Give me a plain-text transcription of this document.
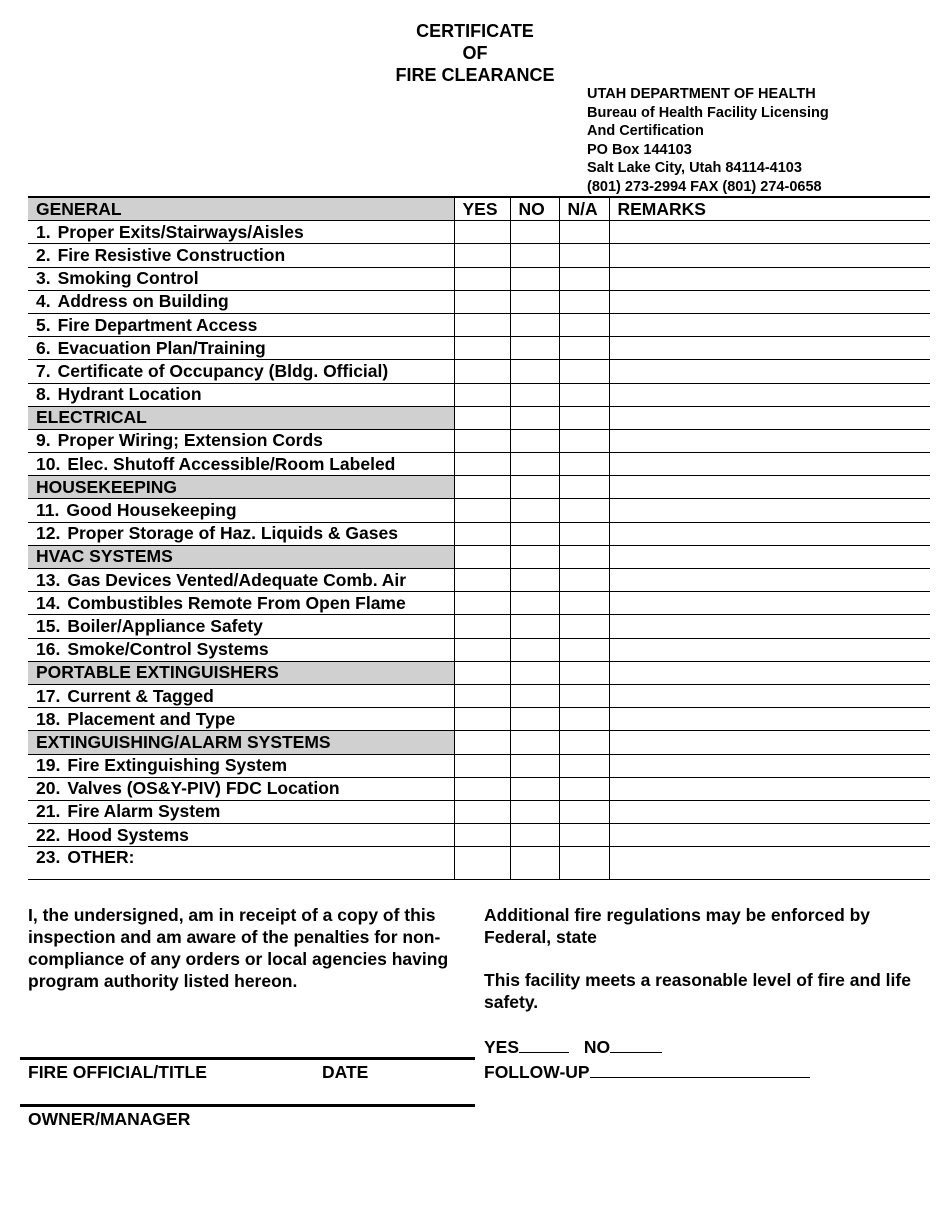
CERTIFICATE
OF
FIRE CLEARANCE
UTAH DEPARTMENT OF HEALTH
Bureau of Health Facility Licensing
And Certification
PO Box 144103
Salt Lake City, Utah 84114-4103
(801) 273-2994 FAX (801) 274-0658
GENERAL	YES	NO	N/A	REMARKS
1. Proper Exits/Stairways/Aisles				
2. Fire Resistive Construction				
3. Smoking Control				
4. Address on Building				
5. Fire Department Access				
6. Evacuation Plan/Training				
7. Certificate of Occupancy (Bldg. Official)				
8. Hydrant Location				
ELECTRICAL				
9. Proper Wiring; Extension Cords				
10. Elec. Shutoff Accessible/Room Labeled				
HOUSEKEEPING				
11. Good Housekeeping				
12. Proper Storage of Haz. Liquids & Gases				
HVAC SYSTEMS				
13. Gas Devices Vented/Adequate Comb. Air				
14. Combustibles Remote From Open Flame				
15. Boiler/Appliance Safety				
16. Smoke/Control Systems				
PORTABLE EXTINGUISHERS				
17. Current & Tagged				
18. Placement and Type				
EXTINGUISHING/ALARM SYSTEMS				
19. Fire Extinguishing System				
20. Valves (OS&Y-PIV) FDC Location				
21. Fire Alarm System				
22. Hood Systems				
23. OTHER:				
I, the undersigned, am in receipt of a copy of this inspection and am aware of the penalties for non-compliance of any orders or local agencies having program authority listed hereon.
Additional fire regulations may be enforced by Federal, state
This facility meets a reasonable level of fire and life safety.
YES	NO
FOLLOW-UP
FIRE OFFICIAL/TITLE	DATE
OWNER/MANAGER
